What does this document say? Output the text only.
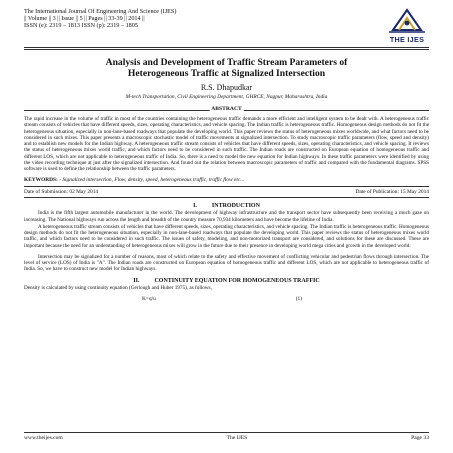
The International Journal Of Engineering And Science (IJES)
|| Volume || 3 || Issue || 5 || Pages || 33-39 || 2014 ||
ISSN (e): 2319 – 1813 ISSN (p): 2319 – 1805
THE IJES
Analysis and Development of Traffic Stream Parameters of
Heterogeneous Traffic at Signalized Intersection
R.S. Dhapudkar
M-tech Transportation, Civil Engineering Department, GHRCE, Nagpur, Maharashtra, India
ABSTRACT
The rapid increase in the volume of traffic in most of the countries containing the heterogeneous traffic demands a more efficient and intelligent system to be dealt with. A heterogeneous traffic stream consists of vehicles that have different speeds, sizes, operating characteristics, and vehicle spacing. The Indian traffic is heterogeneous traffic. Homogeneous design methods do not fit the heterogeneous situation, especially in non-lane-based roadways that populate the developing world. This paper reviews the status of heterogeneous mixes worldwide, and what factors need to be considered in such mixes. This paper presents a macroscopic stochastic model of traffic movements at signalized intersection. To study macroscopic traffic parameters (flow, speed and density) and to establish new models for the Indian highway. A heterogeneous traffic stream consists of vehicles that have different speeds, sizes, operating characteristics, and vehicle spacing. It reviews the status of heterogeneous mixes world traffic, and which factors need to be considered in such traffic. The Indian roads are constructed on European equation of homogeneous traffic and different LOS, which are not applicable to heterogeneous traffic of India. So, there is a need to model the new equation for Indian highways. In these traffic parameters were identified by using the video recording technique at just after the signalized intersection. And found out the relation between macroscopic parameters of traffic and compared with the fundamental diagrams. SPSS software is used to define the relationship between the traffic parameters.
KEYWORDS: - Signalized intersection, Flow, density, speed, heterogeneous traffic, traffic flow etc...
Date of Submission: 02 May 2014	Date of Publication: 15 May 2014
I.          INTRODUCTION
India is the fifth largest automobile manufacturer in the world. The development of highway infrastructure and the transport sector have subsequently been receiving a much gaze on increasing. The National highways run across the length and breadth of the country measure 70,934 kilometers and have become the lifeline of India.
A heterogeneous traffic stream consists of vehicles that have different speeds, sizes, operating characteristics, and vehicle spacing. The Indian traffic is heterogeneous traffic. Homogeneous design methods do not fit the heterogeneous situation, especially in non-lane-based roadways that populate the developing world. This paper reviews the status of heterogeneous mixes world traffic, and which factors need to be considered in such traffic. The issues of safety, modeling, and non-motorized transport are considered, and solutions for these are discussed. These are important because the need for an understanding of heterogeneous mixes will grow in the future due to their presence in developing world mega cities and growth in the developed world.
Intersection may be signalized for a number of reasons, most of which relate to the safety and effective movement of conflicting vehicular and pedestrian flows through intersection. The level of service (LOS) of India is "A". The Indian roads are constructed on European equation of homogeneous traffic and different LOS, which are not applicable to heterogeneous traffic of India. So, we have to construct new model for Indian highways.
II.          CONTINUITY EQUATION FOR HOMOGENEOUS TRAFFIC
Density is calculated by using continuity equation (Gerlough and Huber 1975), as follows,
K=q/u	(1)
www.theijes.com	The IJES	Page 33
